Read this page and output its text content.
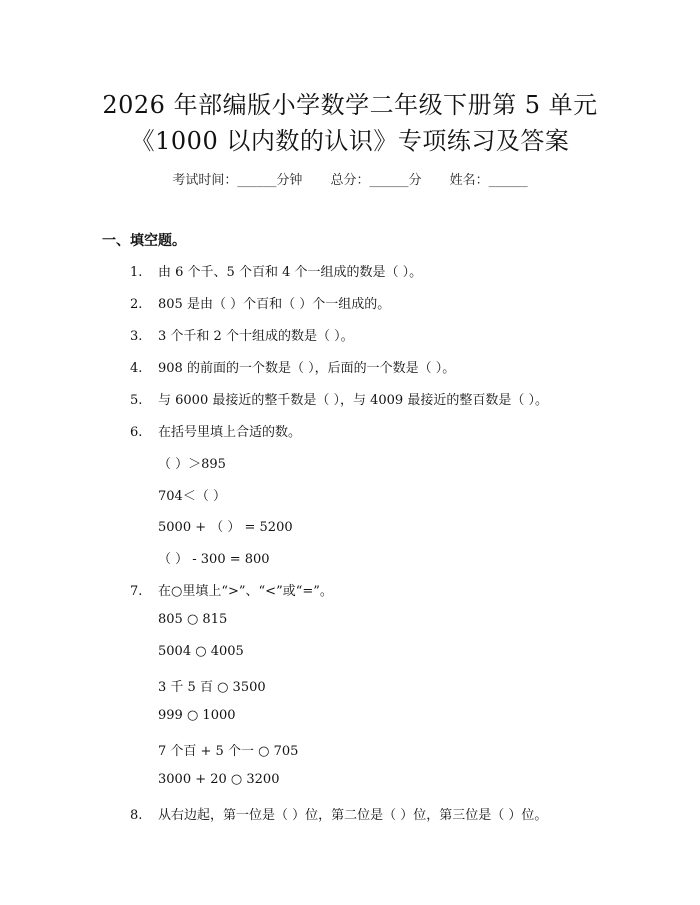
2026 年部编版小学数学二年级下册第 5 单元
《1000 以内数的认识》专项练习及答案
考试时间：______分钟 总分：______分 姓名：______
一、填空题。
1. 由 6 个千、5 个百和 4 个一组成的数是（ ）。
2. 805 是由（ ）个百和（ ）个一组成的。
3. 3 个千和 2 个十组成的数是（ ）。
4. 908 的前面的一个数是（ ），后面的一个数是（ ）。
5. 与 6000 最接近的整千数是（ ），与 4009 最接近的整百数是（ ）。
6. 在括号里填上合适的数。
（ ）＞895
704＜（ ）
5000 + （ ） = 5200
（ ） - 300 = 800
7. 在○里填上“>”、“<”或“=”。
805 ○ 815
5004 ○ 4005
3 千 5 百 ○ 3500
999 ○ 1000
7 个百 + 5 个一 ○ 705
3000 + 20 ○ 3200
8. 从右边起，第一位是（ ）位，第二位是（ ）位，第三位是（ ）位。
